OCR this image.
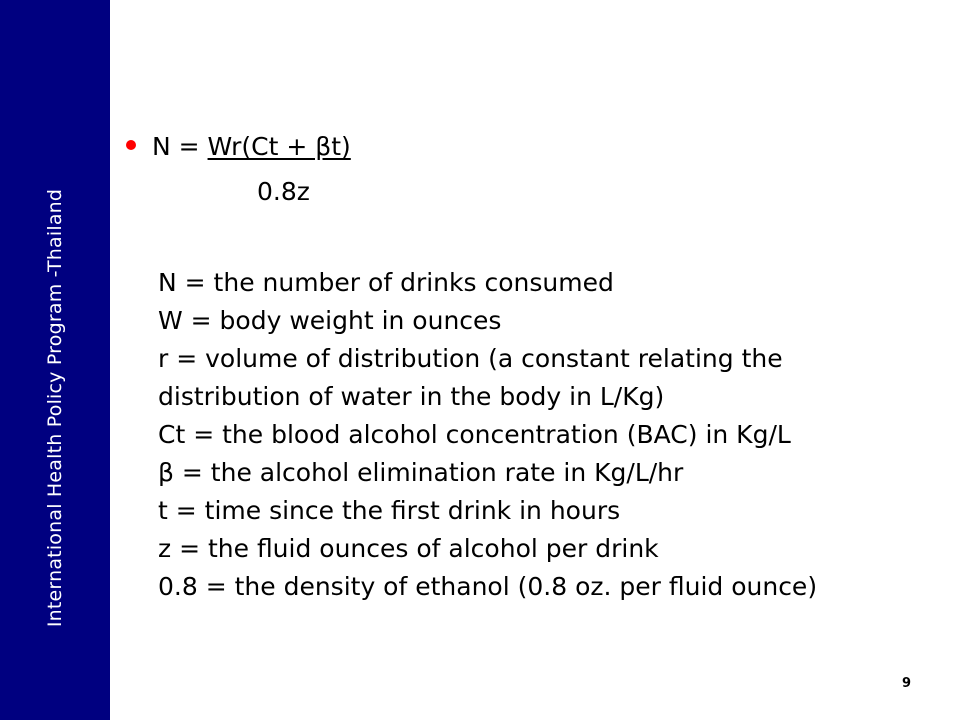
International Health Policy Program -Thailand
N = Wr(Ct + βt)
0.8z
N = the number of drinks consumed
W = body weight in ounces
r = volume of distribution (a constant relating the
distribution of water in the body in L/Kg)
Ct = the blood alcohol concentration (BAC) in Kg/L
β = the alcohol elimination rate in Kg/L/hr
t = time since the first drink in hours
z = the fluid ounces of alcohol per drink
0.8 = the density of ethanol (0.8 oz. per fluid ounce)
9
